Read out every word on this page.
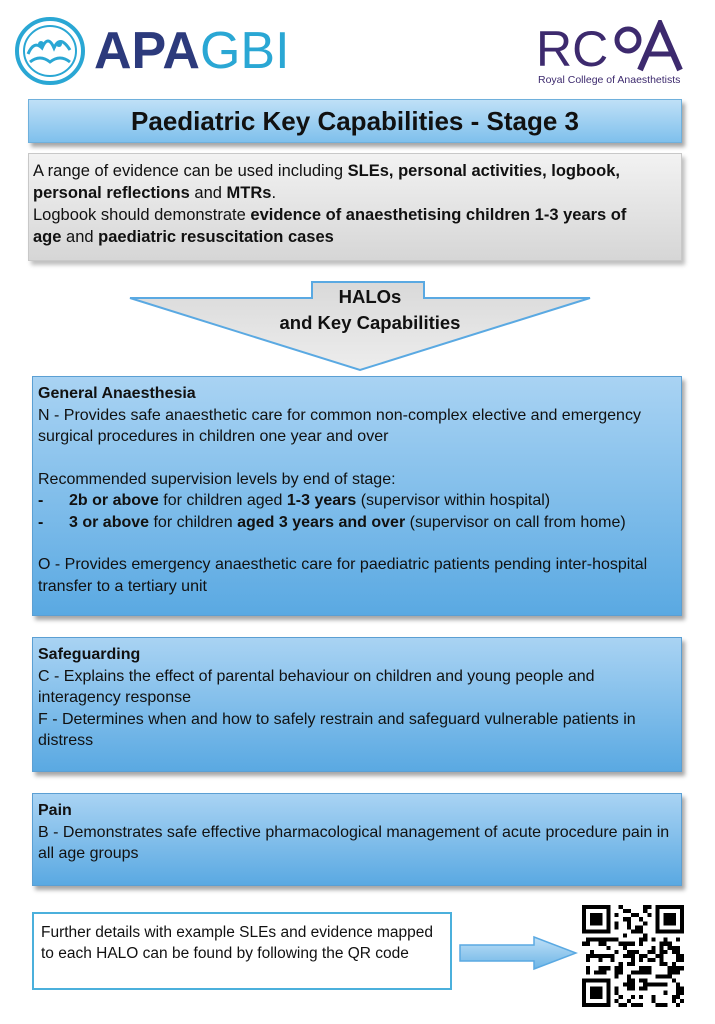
APAGBI	RC
Royal College of Anaesthetists
Paediatric Key Capabilities - Stage 3

A range of evidence can be used including SLEs, personal activities, logbook,
personal reflections and MTRs.
Logbook should demonstrate evidence of anaesthetising children 1-3 years of
age and paediatric resuscitation cases

HALOs
and Key Capabilities

General Anaesthesia

N - Provides safe anaesthetic care for common non-complex elective and emergency surgical procedures in children one year and over

Recommended supervision levels by end of stage:

-	2b or above for children aged 1-3 years (supervisor within hospital)
-	3 or above for children aged 3 years and over (supervisor on call from home)

O - Provides emergency anaesthetic care for paediatric patients pending inter-hospital transfer to a tertiary unit

Safeguarding

C - Explains the effect of parental behaviour on children and young people and interagency response

F - Determines when and how to safely restrain and safeguard vulnerable patients in distress

Pain

B - Demonstrates safe effective pharmacological management of acute procedure pain in all age groups

Further details with example SLEs and evidence mapped to each HALO can be found by following the QR code
